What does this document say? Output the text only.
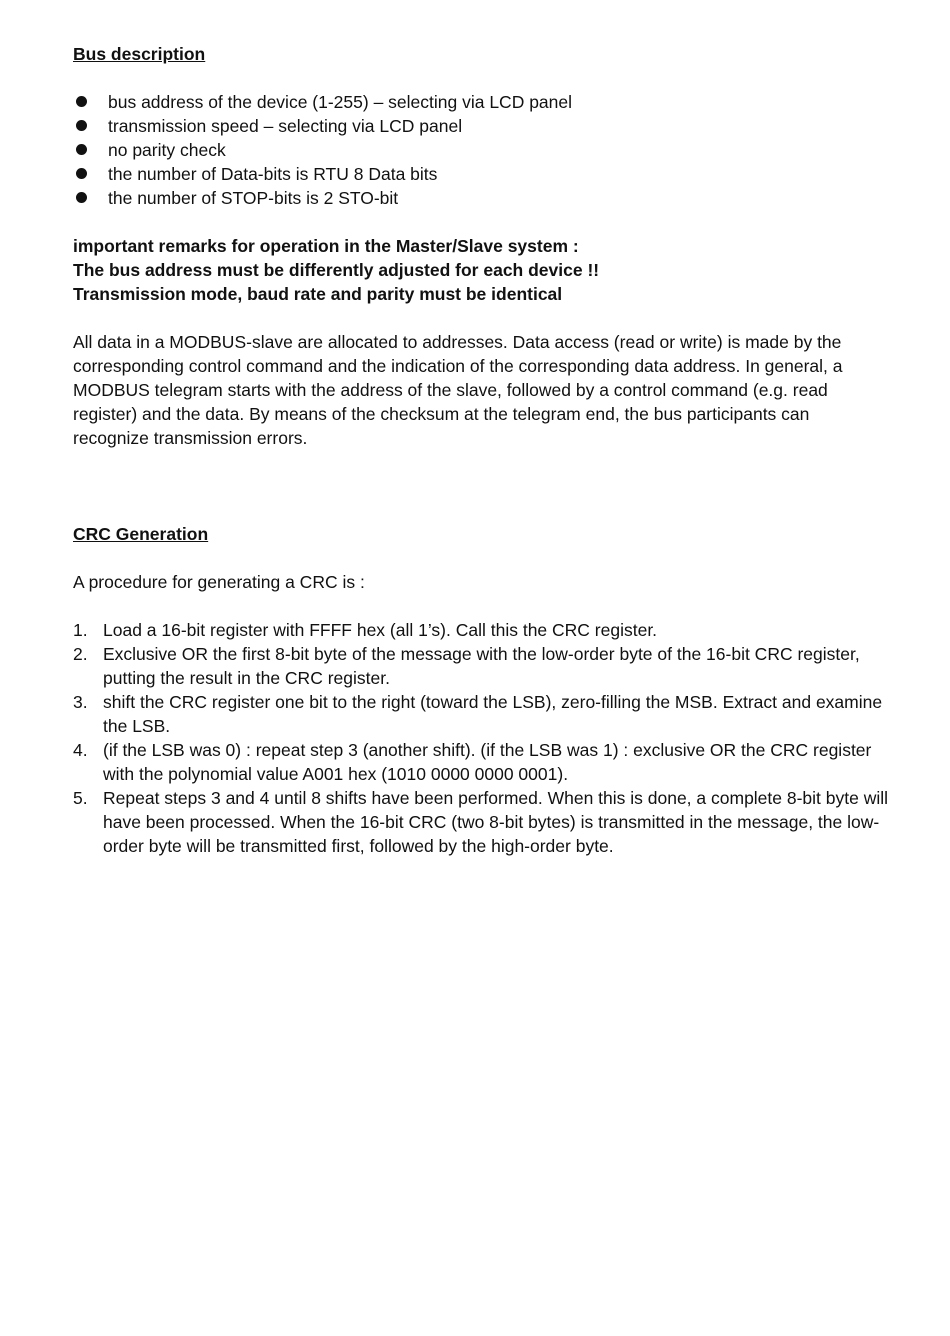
Bus description

bus address of the device (1-255) – selecting via LCD panel
transmission speed – selecting via LCD panel
no parity check
the number of Data-bits is RTU 8 Data bits
the number of STOP-bits is 2 STO-bit

important remarks for operation in the Master/Slave system :

The bus address must be differently adjusted for each device !!

Transmission mode, baud rate and parity must be identical

All data in a MODBUS-slave are allocated to addresses. Data access (read or write) is made by the corresponding control command and the indication of the corresponding data address. In general, a MODBUS telegram starts with the address of the slave, followed by a control command (e.g. read register) and the data. By means of the checksum at the telegram end, the bus participants can recognize transmission errors.

CRC Generation

A procedure for generating a CRC is :

1. Load a 16-bit register with FFFF hex (all 1’s). Call this the CRC register.
2. Exclusive OR the first 8-bit byte of the message with the low-order byte of the 16-bit CRC register, putting the result in the CRC register.
3. shift the CRC register one bit to the right (toward the LSB), zero-filling the MSB. Extract and examine the LSB.
4. (if the LSB was 0) : repeat step 3 (another shift). (if the LSB was 1) : exclusive OR the CRC register with the polynomial value A001 hex (1010 0000 0000 0001).
5. Repeat steps 3 and 4 until 8 shifts have been performed. When this is done, a complete 8-bit byte will have been processed. When the 16-bit CRC (two 8-bit bytes) is transmitted in the message, the low-order byte will be transmitted first, followed by the high-order byte.
